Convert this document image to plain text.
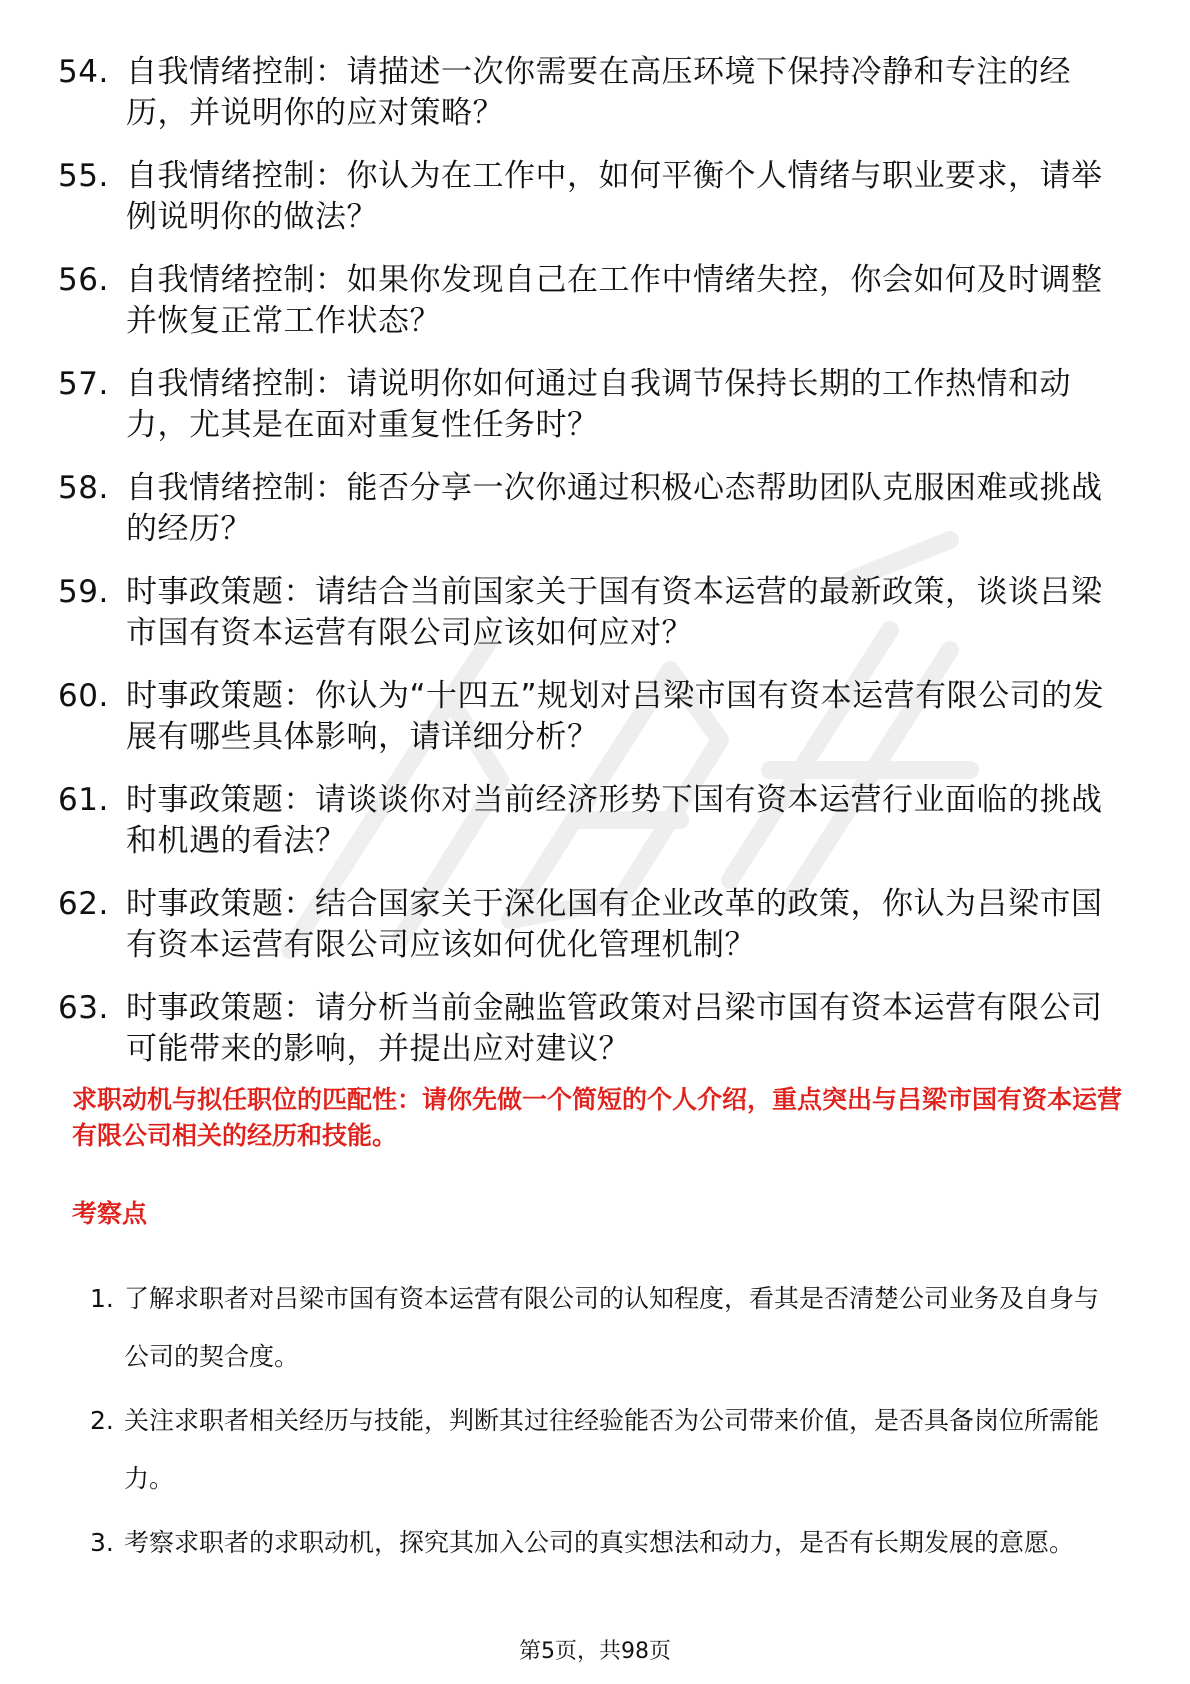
54. 自我情绪控制：请描述一次你需要在高压环境下保持冷静和专注的经历，并说明你的应对策略？
55. 自我情绪控制：你认为在工作中，如何平衡个人情绪与职业要求，请举例说明你的做法？
56. 自我情绪控制：如果你发现自己在工作中情绪失控，你会如何及时调整并恢复正常工作状态？
57. 自我情绪控制：请说明你如何通过自我调节保持长期的工作热情和动力，尤其是在面对重复性任务时？
58. 自我情绪控制：能否分享一次你通过积极心态帮助团队克服困难或挑战的经历？
59. 时事政策题：请结合当前国家关于国有资本运营的最新政策，谈谈吕梁市国有资本运营有限公司应该如何应对？
60. 时事政策题：你认为“十四五”规划对吕梁市国有资本运营有限公司的发展有哪些具体影响，请详细分析？
61. 时事政策题：请谈谈你对当前经济形势下国有资本运营行业面临的挑战和机遇的看法？
62. 时事政策题：结合国家关于深化国有企业改革的政策，你认为吕梁市国有资本运营有限公司应该如何优化管理机制？
63. 时事政策题：请分析当前金融监管政策对吕梁市国有资本运营有限公司可能带来的影响，并提出应对建议？

求职动机与拟任职位的匹配性：请你先做一个简短的个人介绍，重点突出与吕梁市国有资本运营有限公司相关的经历和技能。

考察点

1. 了解求职者对吕梁市国有资本运营有限公司的认知程度，看其是否清楚公司业务及自身与公司的契合度。
2. 关注求职者相关经历与技能，判断其过往经验能否为公司带来价值，是否具备岗位所需能力。
3. 考察求职者的求职动机，探究其加入公司的真实想法和动力，是否有长期发展的意愿。
第5页，共98页
